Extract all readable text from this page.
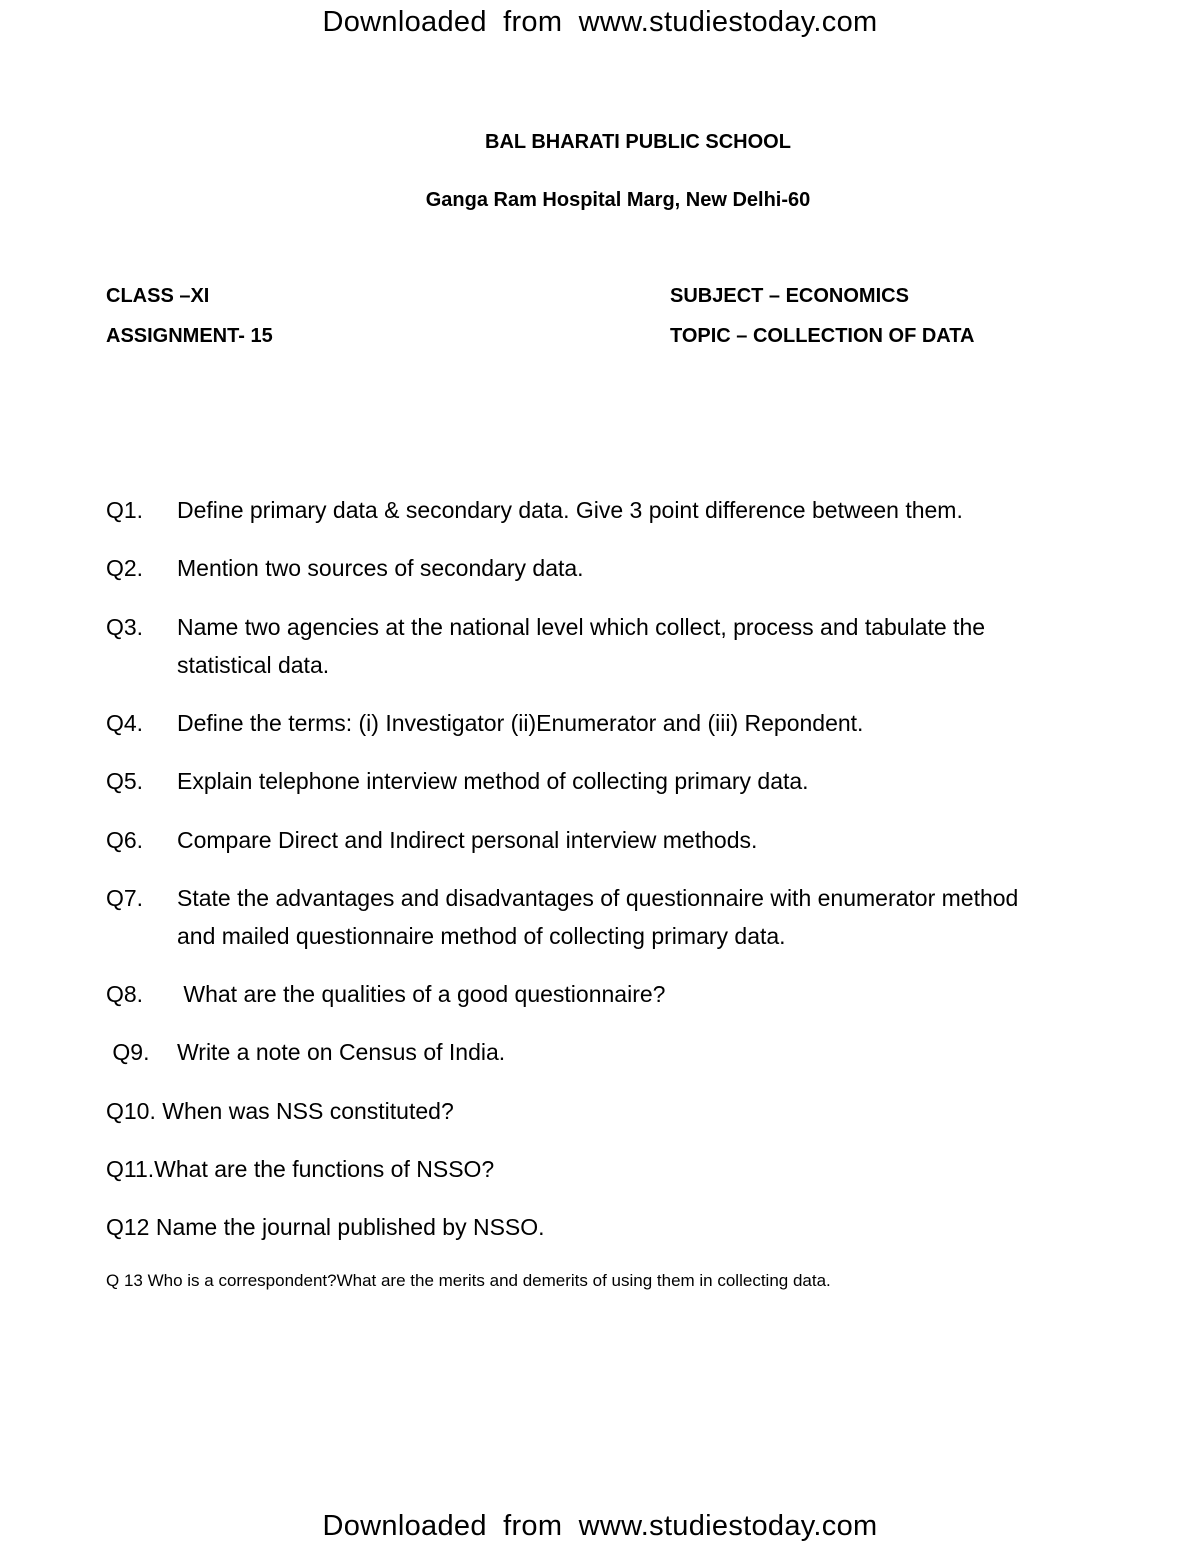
Downloaded from www.studiestoday.com
BAL BHARATI PUBLIC SCHOOL
Ganga Ram Hospital Marg, New Delhi-60
CLASS –XI	SUBJECT – ECONOMICS
ASSIGNMENT- 15	TOPIC – COLLECTION OF DATA
Q1. Define primary data & secondary data. Give 3 point difference between them.
Q2. Mention two sources of secondary data.
Q3. Name two agencies at the national level which collect, process and tabulate the
statistical data.
Q4. Define the terms: (i) Investigator (ii)Enumerator and (iii) Repondent.
Q5. Explain telephone interview method of collecting primary data.
Q6. Compare Direct and Indirect personal interview methods.
Q7. State the advantages and disadvantages of questionnaire with enumerator method
and mailed questionnaire method of collecting primary data.
Q8. What are the qualities of a good questionnaire?
Q9. Write a note on Census of India.
Q10. When was NSS constituted?
Q11.What are the functions of NSSO?
Q12 Name the journal published by NSSO.
Q 13 Who is a correspondent?What are the merits and demerits of using them in collecting data.
Downloaded from www.studiestoday.com
